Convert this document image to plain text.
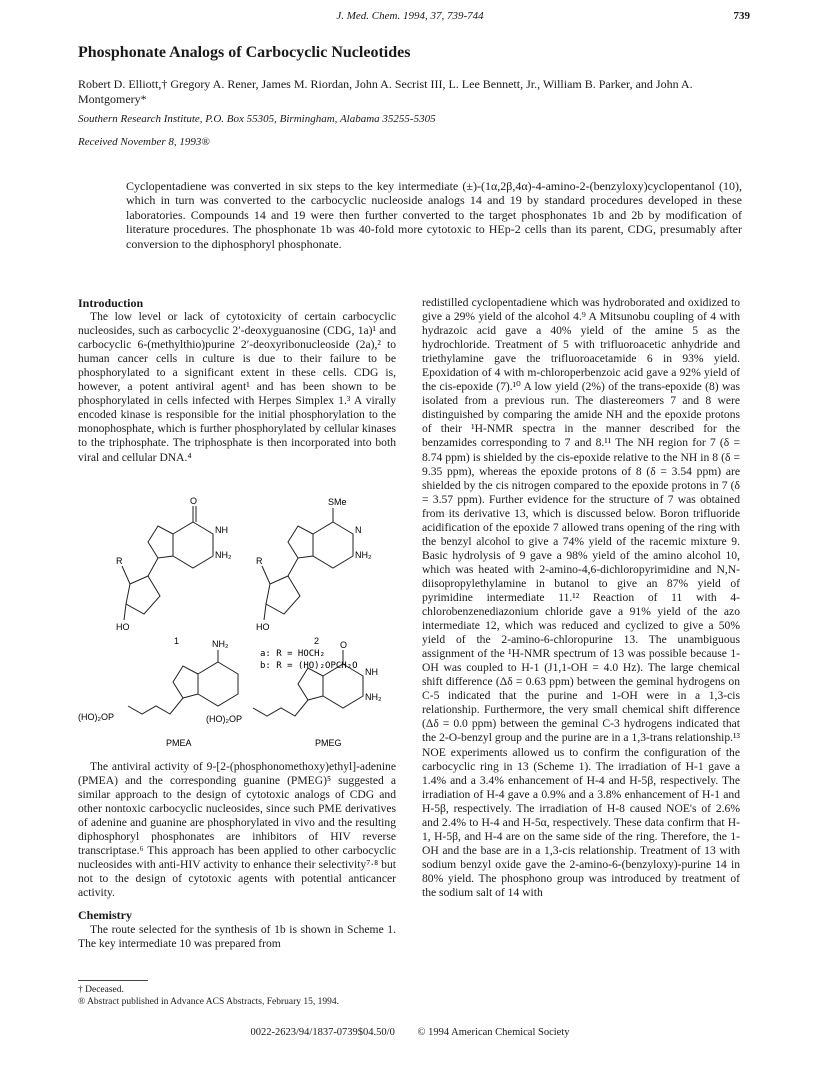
J. Med. Chem. 1994, 37, 739-744	739
Phosphonate Analogs of Carbocyclic Nucleotides
Robert D. Elliott,† Gregory A. Rener, James M. Riordan, John A. Secrist III, L. Lee Bennett, Jr., William B. Parker, and John A. Montgomery*
Southern Research Institute, P.O. Box 55305, Birmingham, Alabama 35255-5305
Received November 8, 1993®
Cyclopentadiene was converted in six steps to the key intermediate (±)-(1α,2β,4α)-4-amino-2-(benzyloxy)cyclopentanol (10), which in turn was converted to the carbocyclic nucleoside analogs 14 and 19 by standard procedures developed in these laboratories. Compounds 14 and 19 were then further converted to the target phosphonates 1b and 2b by modification of literature procedures. The phosphonate 1b was 40-fold more cytotoxic to HEp-2 cells than its parent, CDG, presumably after conversion to the diphosphoryl phosphonate.
Introduction

The low level or lack of cytotoxicity of certain carbocyclic nucleosides, such as carbocyclic 2′-deoxyguanosine (CDG, 1a)¹ and carbocyclic 6-(methylthio)purine 2′-deoxyribonucleoside (2a),² to human cancer cells in culture is due to their failure to be phosphorylated to a significant extent in these cells. CDG is, however, a potent antiviral agent¹ and has been shown to be phosphorylated in cells infected with Herpes Simplex 1.³ A virally encoded kinase is responsible for the initial phosphorylation to the monophosphate, which is further phosphorylated by cellular kinases to the triphosphate. The triphosphate is then incorporated into both viral and cellular DNA.⁴

O
NH
NH₂
R
HO
1
SMe
N
NH₂
R
HO
2
a: R = HOCH₂
b: R = (HO)₂OPCH₂O
NH₂
(HO)₂OP
PMEA
O
NH
NH₂
(HO)₂OP
PMEG

The antiviral activity of 9-[2-(phosphonomethoxy)ethyl]-adenine (PMEA) and the corresponding guanine (PMEG)⁵ suggested a similar approach to the design of cytotoxic analogs of CDG and other nontoxic carbocyclic nucleosides, since such PME derivatives of adenine and guanine are phosphorylated in vivo and the resulting diphosphoryl phosphonates are inhibitors of HIV reverse transcriptase.⁶ This approach has been applied to other carbocyclic nucleosides with anti-HIV activity to enhance their selectivity⁷·⁸ but not to the design of cytotoxic agents with potential anticancer activity.

Chemistry

The route selected for the synthesis of 1b is shown in Scheme 1. The key intermediate 10 was prepared from

redistilled cyclopentadiene which was hydroborated and oxidized to give a 29% yield of the alcohol 4.⁹ A Mitsunobu coupling of 4 with hydrazoic acid gave a 40% yield of the amine 5 as the hydrochloride. Treatment of 5 with trifluoroacetic anhydride and triethylamine gave the trifluoroacetamide 6 in 93% yield. Epoxidation of 4 with m-chloroperbenzoic acid gave a 92% yield of the cis-epoxide (7).¹⁰ A low yield (2%) of the trans-epoxide (8) was isolated from a previous run. The diastereomers 7 and 8 were distinguished by comparing the amide NH and the epoxide protons of their ¹H-NMR spectra in the manner described for the benzamides corresponding to 7 and 8.¹¹ The NH region for 7 (δ = 8.74 ppm) is shielded by the cis-epoxide relative to the NH in 8 (δ = 9.35 ppm), whereas the epoxide protons of 8 (δ = 3.54 ppm) are shielded by the cis nitrogen compared to the epoxide protons in 7 (δ = 3.57 ppm). Further evidence for the structure of 7 was obtained from its derivative 13, which is discussed below. Boron trifluoride acidification of the epoxide 7 allowed trans opening of the ring with the benzyl alcohol to give a 74% yield of the racemic mixture 9. Basic hydrolysis of 9 gave a 98% yield of the amino alcohol 10, which was heated with 2-amino-4,6-dichloropyrimidine and N,N-diisopropylethylamine in butanol to give an 87% yield of pyrimidine intermediate 11.¹² Reaction of 11 with 4-chlorobenzenediazonium chloride gave a 91% yield of the azo intermediate 12, which was reduced and cyclized to give a 50% yield of the 2-amino-6-chloropurine 13. The unambiguous assignment of the ¹H-NMR spectrum of 13 was possible because 1-OH was coupled to H-1 (J1,1-OH = 4.0 Hz). The large chemical shift difference (Δδ = 0.63 ppm) between the geminal hydrogens on C-5 indicated that the purine and 1-OH were in a 1,3-cis relationship. Furthermore, the very small chemical shift difference (Δδ = 0.0 ppm) between the geminal C-3 hydrogens indicated that the 2-O-benzyl group and the purine are in a 1,3-trans relationship.¹³ NOE experiments allowed us to confirm the configuration of the carbocyclic ring in 13 (Scheme 1). The irradiation of H-1 gave a 1.4% and a 3.4% enhancement of H-4 and H-5β, respectively. The irradiation of H-4 gave a 0.9% and a 3.8% enhancement of H-1 and H-5β, respectively. The irradiation of H-8 caused NOE's of 2.6% and 2.4% to H-4 and H-5α, respectively. These data confirm that H-1, H-5β, and H-4 are on the same side of the ring. Therefore, the 1-OH and the base are in a 1,3-cis relationship. Treatment of 13 with sodium benzyl oxide gave the 2-amino-6-(benzyloxy)-purine 14 in 80% yield. The phosphono group was introduced by treatment of the sodium salt of 14 with

† Deceased.
® Abstract published in Advance ACS Abstracts, February 15, 1994.
0022-2623/94/1837-0739$04.50/0 © 1994 American Chemical Society
